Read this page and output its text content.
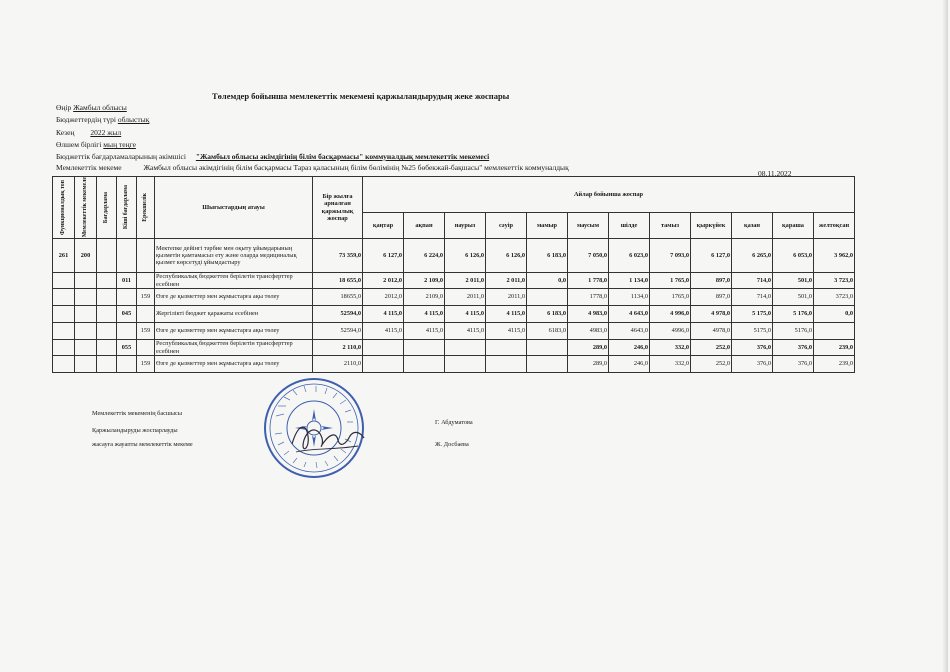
Төлемдер бойынша мемлекеттік мекемені қаржыландырудың жеке жоспары
Өңір Жамбыл облысы
Бюджеттердің түрі облыстық
Кезең 2022 жыл
Өлшем бірлігі мың теңге
Бюджеттік бағдарламаларының әкімшісі "Жамбыл облысы әкімдігінің білім басқармасы" коммуналдық мемлекеттік мекемесі
Мемлекеттік мекеме	Жамбыл облысы әкімдігінің білім басқармасы Тараз қаласының білім бөлімінің №25 бөбекжай-бақшасы" мемлекеттік коммуналдық
08.11.2022
Функционалдық топ	Мемлекеттік мекемеле	Бағдарлама	Кіші бағдарлама	Ерекшелік	Шығыстардың атауы	Бір жылға арналған қаржылық жоспар	Айлар бойынша жоспар											
							қаңтар	ақпан	наурыз	сәуір	мамыр	маусым	шілде	тамыз	қыркүйек	қазан	қараша	желтоқсан
261	200				Мектепке дейінгі тәрбие мен оқыту ұйымдарының қызметін қамтамасыз ету және оларда медициналық қызмет көрсетуді ұйымдастыру	73 359,0	6 127,0	6 224,0	6 126,0	6 126,0	6 183,0	7 050,0	6 023,0	7 093,0	6 127,0	6 265,0	6 053,0	3 962,0
			011		Республикалық бюджеттен берілетін трансферттер есебінен	18 655,0	2 012,0	2 109,0	2 011,0	2 011,0	0,0	1 778,0	1 134,0	1 765,0	897,0	714,0	501,0	3 723,0
				159	Өзге де қызметтер мен жұмыстарға ақы төлеу	18655,0	2012,0	2109,0	2011,0	2011,0		1778,0	1134,0	1765,0	897,0	714,0	501,0	3723,0
			045		Жергілікті бюджет қаражаты есебінен	52594,0	4 115,0	4 115,0	4 115,0	4 115,0	6 183,0	4 983,0	4 643,0	4 996,0	4 978,0	5 175,0	5 176,0	0,0
				159	Өзге де қызметтер мен жұмыстарға ақы төлеу	52594,0	4115,0	4115,0	4115,0	4115,0	6183,0	4983,0	4643,0	4996,0	4978,0	5175,0	5176,0	
			055		Республикалық бюджеттен берілетін трансферттер есебінен	2 110,0						289,0	246,0	332,0	252,0	376,0	376,0	239,0
				159	Өзге де қызметтер мен жұмыстарға ақы төлеу	2110,0						289,0	246,0	332,0	252,0	376,0	376,0	239,0
Мемлекеттік мекеменің басшысы
Г. Абдуматова
Қаржыландыруды жоспарлауды
жасауға жауапты мемлекеттік мекеме	Ж. Досбаева
